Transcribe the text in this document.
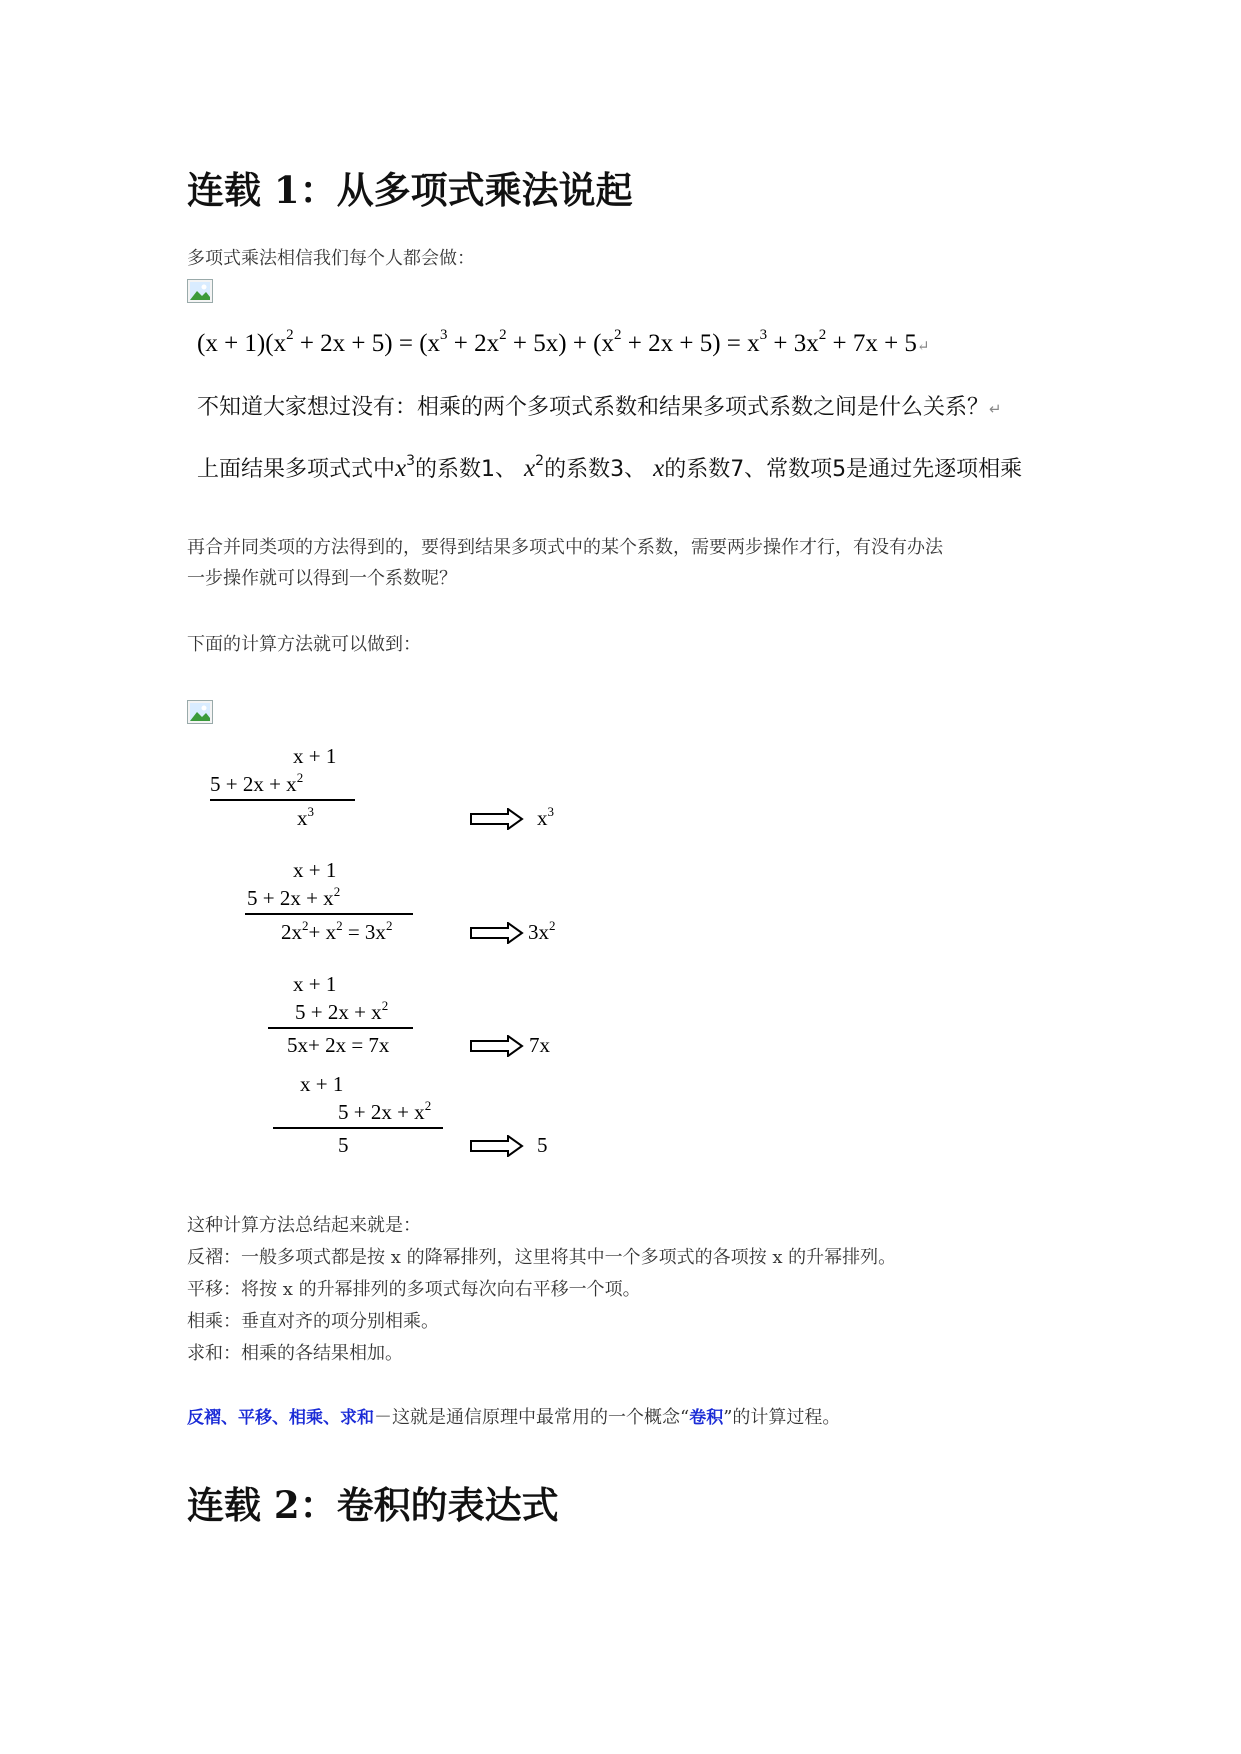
连载 1：从多项式乘法说起
多项式乘法相信我们每个人都会做：
$(x + 1)(x^2 + 2x + 5) = (x^3 + 2x^2 + 5x) + (x^2 + 2x + 5) = x^3 + 3x^2 + 7x$ + 5↵
不知道大家想过没有：相乘的两个多项式系数和结果多项式系数之间是什么关系？↵
上面结果多项式式中$x^3$的系数1、 $x^2$的系数3、 x的系数7、常数项5是通过先逐项相乘
再合并同类项的方法得到的，要得到结果多项式中的某个系数，需要两步操作才行，有没有办法
一步操作就可以得到一个系数呢？
下面的计算方法就可以做到：
x + 1
$5 + 2x + x^2$
$x^3$	$x^3$
x + 1
$5 + 2x + x^2$
$2x^2+ x^2 = 3x^2$	$3x^2$
x + 1
$5 + 2x + x^2$
5x+ 2x = 7x	7x
x + 1
$5 + 2x + x^2$
5	5
这种计算方法总结起来就是：
反褶：一般多项式都是按 x 的降幂排列，这里将其中一个多项式的各项按 x 的升幂排列。
平移：将按 x 的升幂排列的多项式每次向右平移一个项。
相乘：垂直对齐的项分别相乘。
求和：相乘的各结果相加。
反褶、平移、相乘、求和－这就是通信原理中最常用的一个概念“卷积”的计算过程。
连载 2：卷积的表达式
